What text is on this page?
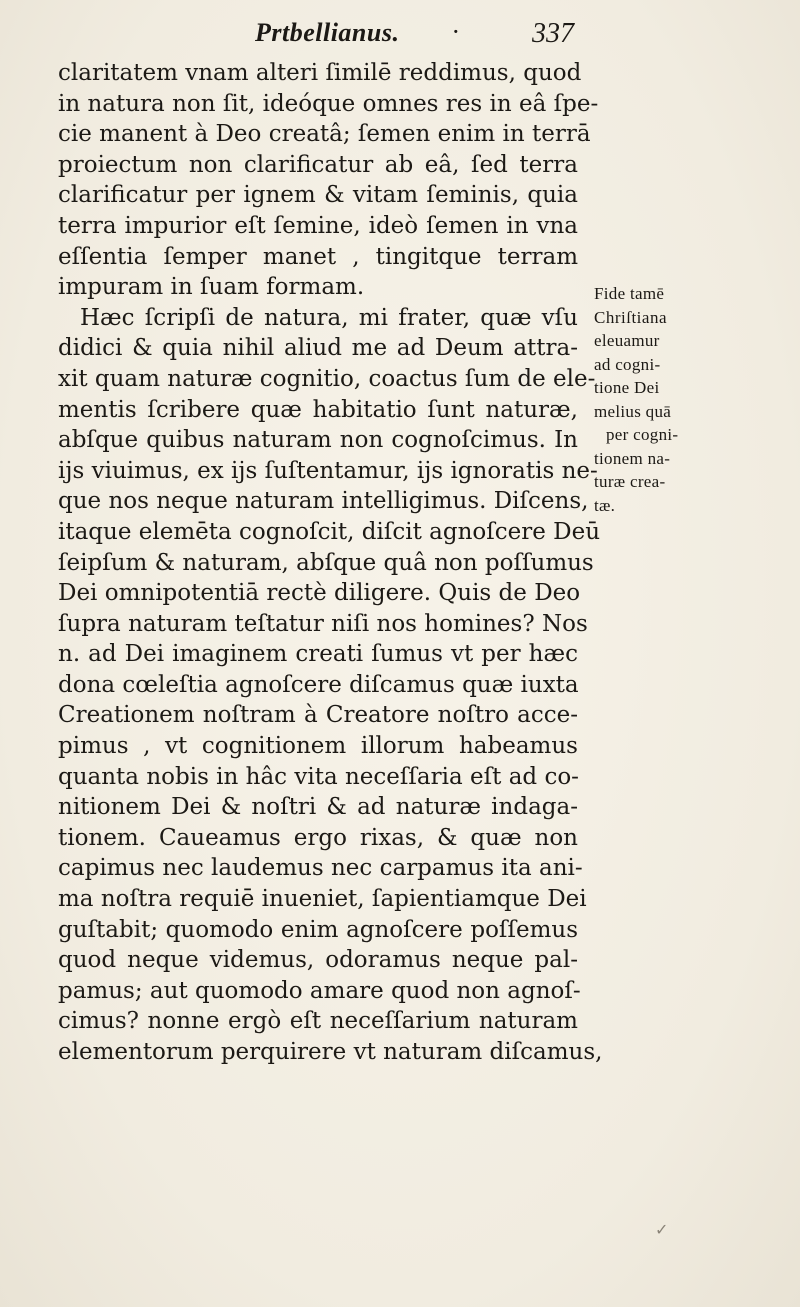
Prtbellianus. ·	337
claritatem vnam alteri ſimilē reddimus, quod
in natura non ſit, ideóque omnes res in eâ ſpe-
cie manent à Deo creatâ; ſemen enim in terrā
proiectum non clarificatur ab eâ, ſed terra
clarificatur per ignem & vitam ſeminis, quia
terra impurior eſt ſemine, ideò ſemen in vna
eſſentia ſemper manet , tingitque terram
impuram in ſuam formam.
Hæc ſcripſi de natura, mi frater, quæ vſu
didici & quia nihil aliud me ad Deum attra-
xit quam naturæ cognitio, coactus ſum de ele-
mentis ſcribere quæ habitatio ſunt naturæ,
abſque quibus naturam non cognoſcimus. In
ijs viuimus, ex ijs ſuſtentamur, ijs ignoratis ne-
que nos neque naturam intelligimus. Diſcens,
itaque elemēta cognoſcit, diſcit agnoſcere Deū
ſeipſum & naturam, abſque quâ non poſſumus
Dei omnipotentiā rectè diligere. Quis de Deo
ſupra naturam teſtatur niſi nos homines? Nos
n. ad Dei imaginem creati ſumus vt per hæc
dona cœleſtia agnoſcere diſcamus quæ iuxta
Creationem noſtram à Creatore noſtro acce-
pimus , vt cognitionem illorum habeamus
quanta nobis in hâc vita neceſſaria eſt ad co-
nitionem Dei & noſtri & ad naturæ indaga-
tionem. Caueamus ergo rixas, & quæ non
capimus nec laudemus nec carpamus ita ani-
ma noſtra requiē inueniet, ſapientiamque Dei
guſtabit; quomodo enim agnoſcere poſſemus
quod neque videmus, odoramus neque pal-
pamus; aut quomodo amare quod non agnoſ-
cimus? nonne ergò eſt neceſſarium naturam
elementorum perquirere vt naturam diſcamus,
Fide tamē
Chriſtiana
eleuamur
ad cogni-
tione Dei
melius quā
per cogni-
tionem na-
turæ crea-
tæ.
✓
